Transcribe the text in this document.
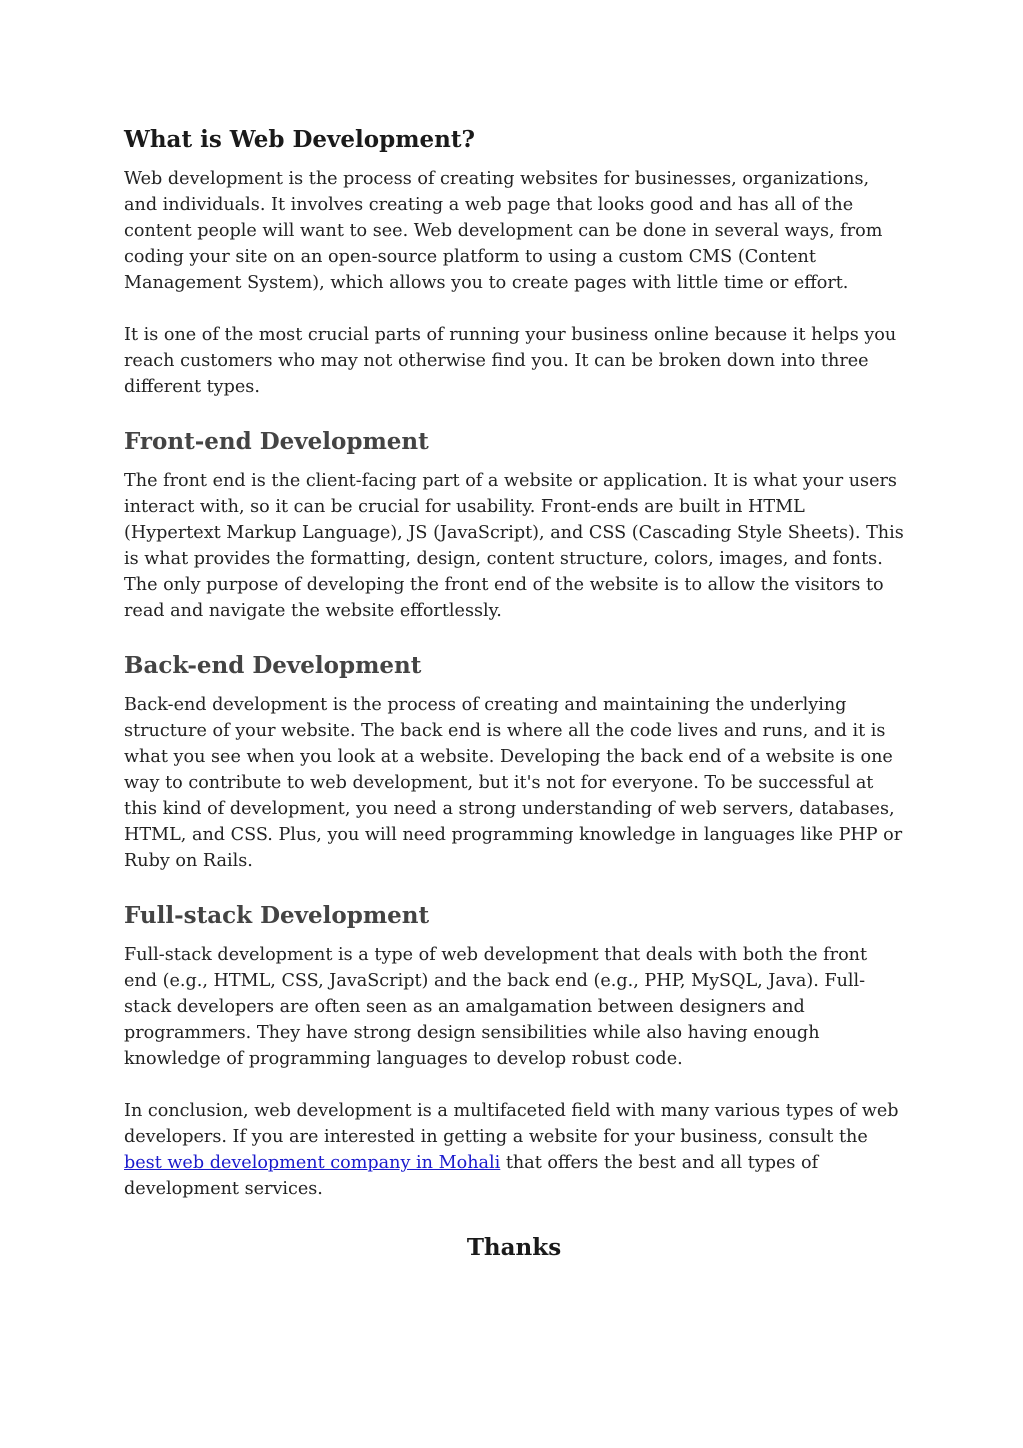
What is Web Development?

Web development is the process of creating websites for businesses, organizations, and individuals. It involves creating a web page that looks good and has all of the content people will want to see. Web development can be done in several ways, from coding your site on an open-source platform to using a custom CMS (Content Management System), which allows you to create pages with little time or effort.

It is one of the most crucial parts of running your business online because it helps you reach customers who may not otherwise find you. It can be broken down into three different types.

Front-end Development

The front end is the client-facing part of a website or application. It is what your users interact with, so it can be crucial for usability. Front-ends are built in HTML (Hypertext Markup Language), JS (JavaScript), and CSS (Cascading Style Sheets). This is what provides the formatting, design, content structure, colors, images, and fonts. The only purpose of developing the front end of the website is to allow the visitors to read and navigate the website effortlessly.

Back-end Development

Back-end development is the process of creating and maintaining the underlying structure of your website. The back end is where all the code lives and runs, and it is what you see when you look at a website. Developing the back end of a website is one way to contribute to web development, but it's not for everyone. To be successful at this kind of development, you need a strong understanding of web servers, databases, HTML, and CSS. Plus, you will need programming knowledge in languages like PHP or Ruby on Rails.

Full-stack Development

Full-stack development is a type of web development that deals with both the front end (e.g., HTML, CSS, JavaScript) and the back end (e.g., PHP, MySQL, Java). Full-stack developers are often seen as an amalgamation between designers and programmers. They have strong design sensibilities while also having enough knowledge of programming languages to develop robust code.

In conclusion, web development is a multifaceted field with many various types of web developers. If you are interested in getting a website for your business, consult the best web development company in Mohali that offers the best and all types of development services.

Thanks
